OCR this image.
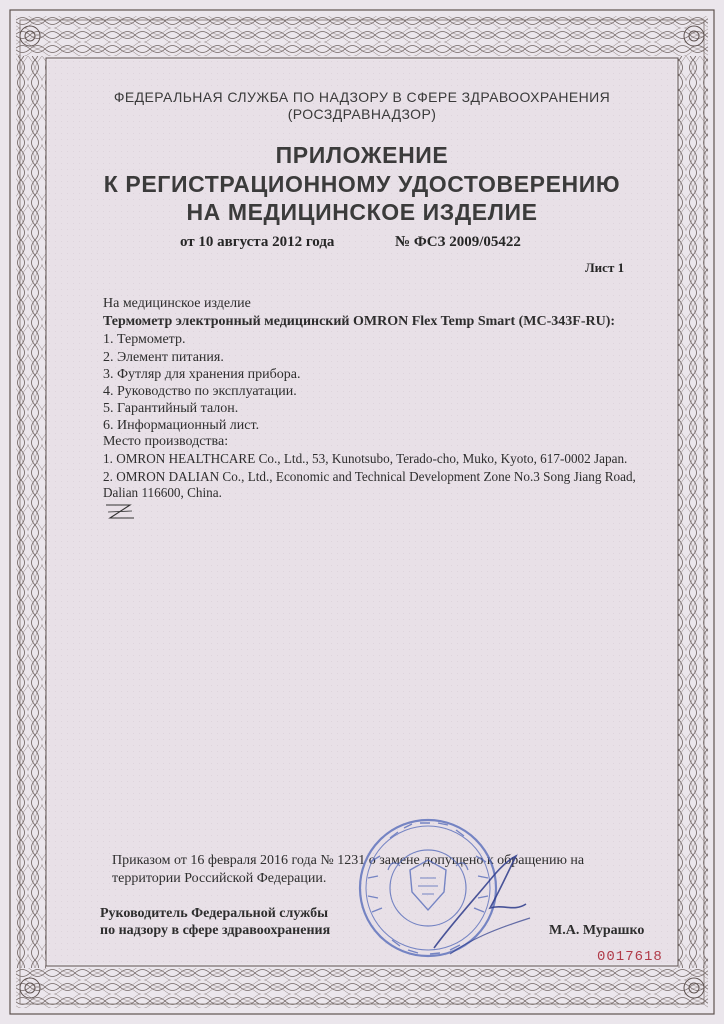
ФЕДЕРАЛЬНАЯ СЛУЖБА ПО НАДЗОРУ В СФЕРЕ ЗДРАВООХРАНЕНИЯ

(РОСЗДРАВНАДЗОР)

ПРИЛОЖЕНИЕ

К РЕГИСТРАЦИОННОМУ УДОСТОВЕРЕНИЮ

НА МЕДИЦИНСКОЕ ИЗДЕЛИЕ

от 10 августа 2012 года	№ ФСЗ 2009/05422

Лист 1

На медицинское изделие

Термометр электронный медицинский OMRON Flex Temp Smart (MC-343F-RU):

1. Термометр.

2. Элемент питания.

3. Футляр для хранения прибора.

4. Руководство по эксплуатации.

5. Гарантийный талон.

6. Информационный лист.

Место производства:

1. OMRON HEALTHCARE Co., Ltd., 53, Kunotsubo, Terado-cho, Muko, Kyoto, 617-0002 Japan.

2. OMRON DALIAN Co., Ltd., Economic and Technical Development Zone No.3 Song Jiang Road,

Dalian 116600, China.

Приказом от 16 февраля 2016 года № 1231 о замене допущено к обращению на

территории Российской Федерации.

Руководитель Федеральной службы

по надзору в сфере здравоохранения	М.А. Мурашко

0017618
